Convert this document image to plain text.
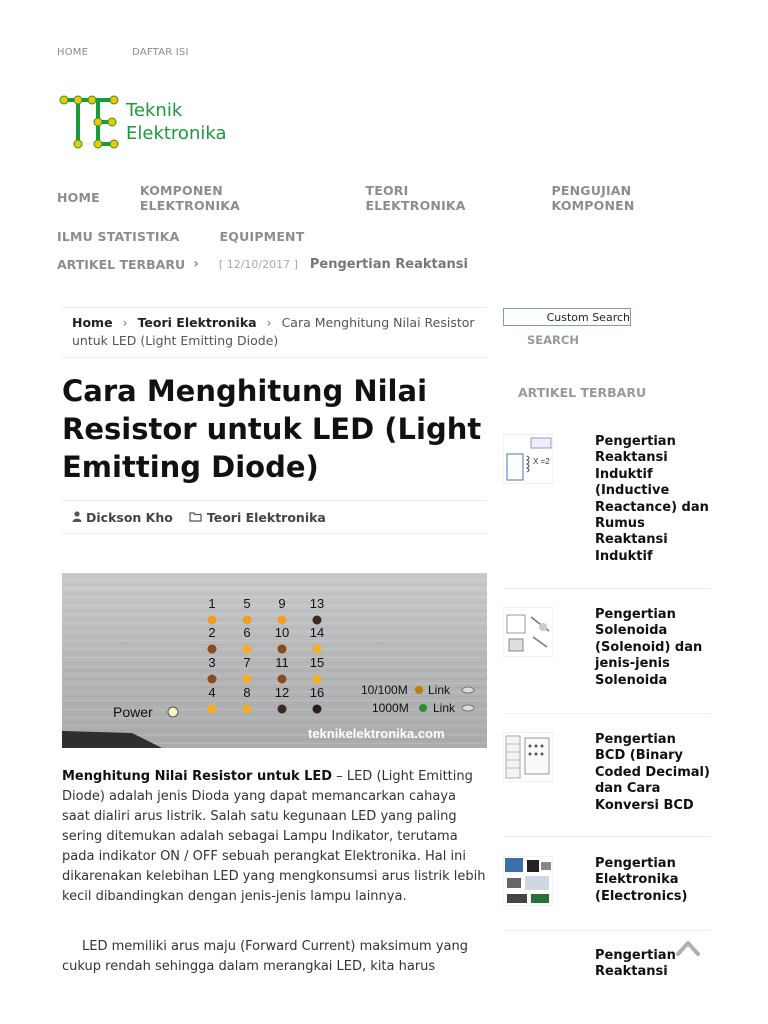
HOME	DAFTAR ISI
Teknik
Elektronika
HOME	KOMPONEN ELEKTRONIKA
TEORI ELEKTRONIKA
PENGUJIAN KOMPONEN
ILMU STATISTIKA	EQUIPMENT
ARTIKEL TERBARU › [ 12/10/2017 ] Pengertian Reaktansi
Home › Teori Elektronika › Cara Menghitung Nilai Resistor untuk LED (Light Emitting Diode)
Cara Menghitung Nilai Resistor untuk LED (Light Emitting Diode)
Dickson Kho	Teori Elektronika
1 5 9 13
2 6 10 14
3 7 11 15
4 8 12 16
Power
10/100M Link
1000M Link
teknikelektronika.com

Menghitung Nilai Resistor untuk LED – LED (Light Emitting Diode) adalah jenis Dioda yang dapat memancarkan cahaya saat dialiri arus listrik. Salah satu kegunaan LED yang paling sering ditemukan adalah sebagai Lampu Indikator, terutama pada indikator ON / OFF sebuah perangkat Elektronika. Hal ini dikarenakan kelebihan LED yang mengkonsumsi arus listrik lebih kecil dibandingkan dengan jenis-jenis lampu lainnya.

LED memiliki arus maju (Forward Current) maksimum yang cukup rendah sehingga dalam merangkai LED, kita harus

Custom Search
SEARCH
ARTIKEL TERBARU
X =2
Pengertian Reaktansi Induktif (Inductive Reactance) dan Rumus Reaktansi Induktif
Pengertian Solenoida (Solenoid) dan jenis-jenis Solenoida
Pengertian BCD (Binary Coded Decimal) dan Cara Konversi BCD
Pengertian Elektronika (Electronics)
Pengertian Reaktansi
